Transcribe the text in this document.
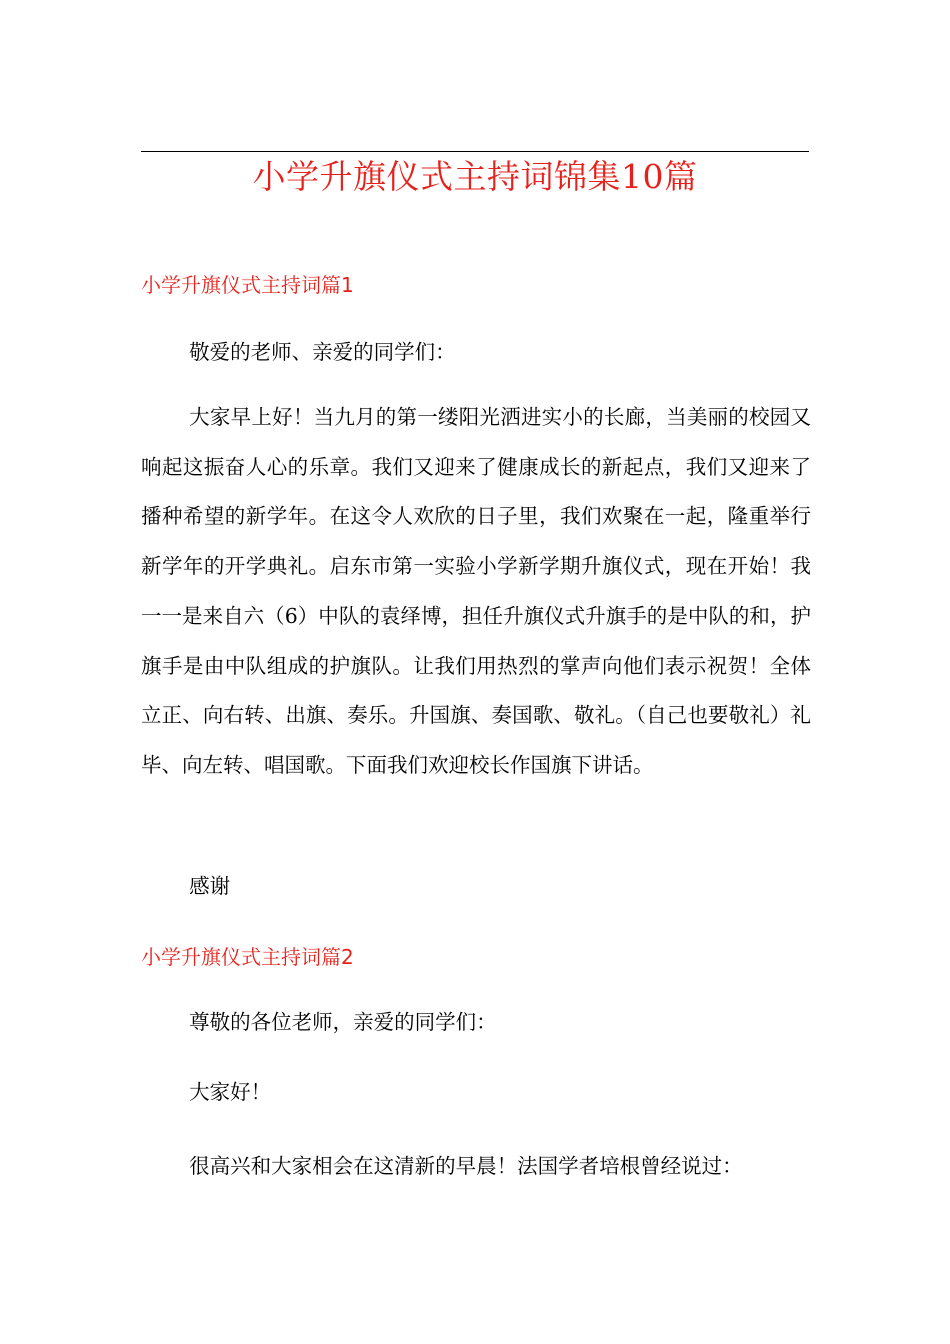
小学升旗仪式主持词锦集10篇
小学升旗仪式主持词篇1

敬爱的老师、亲爱的同学们：

大家早上好！当九月的第一缕阳光洒进实小的长廊，当美丽的校园又响起这振奋人心的乐章。我们又迎来了健康成长的新起点，我们又迎来了播种希望的新学年。在这令人欢欣的日子里，我们欢聚在一起，隆重举行新学年的开学典礼。启东市第一实验小学新学期升旗仪式，现在开始！我一一是来自六（6）中队的袁绎博，担任升旗仪式升旗手的是中队的和，护旗手是由中队组成的护旗队。让我们用热烈的掌声向他们表示祝贺！全体立正、向右转、出旗、奏乐。升国旗、奏国歌、敬礼。（自己也要敬礼）礼毕、向左转、唱国歌。下面我们欢迎校长作国旗下讲话。

感谢

小学升旗仪式主持词篇2

尊敬的各位老师，亲爱的同学们：

大家好！

很高兴和大家相会在这清新的早晨！法国学者培根曾经说过：
